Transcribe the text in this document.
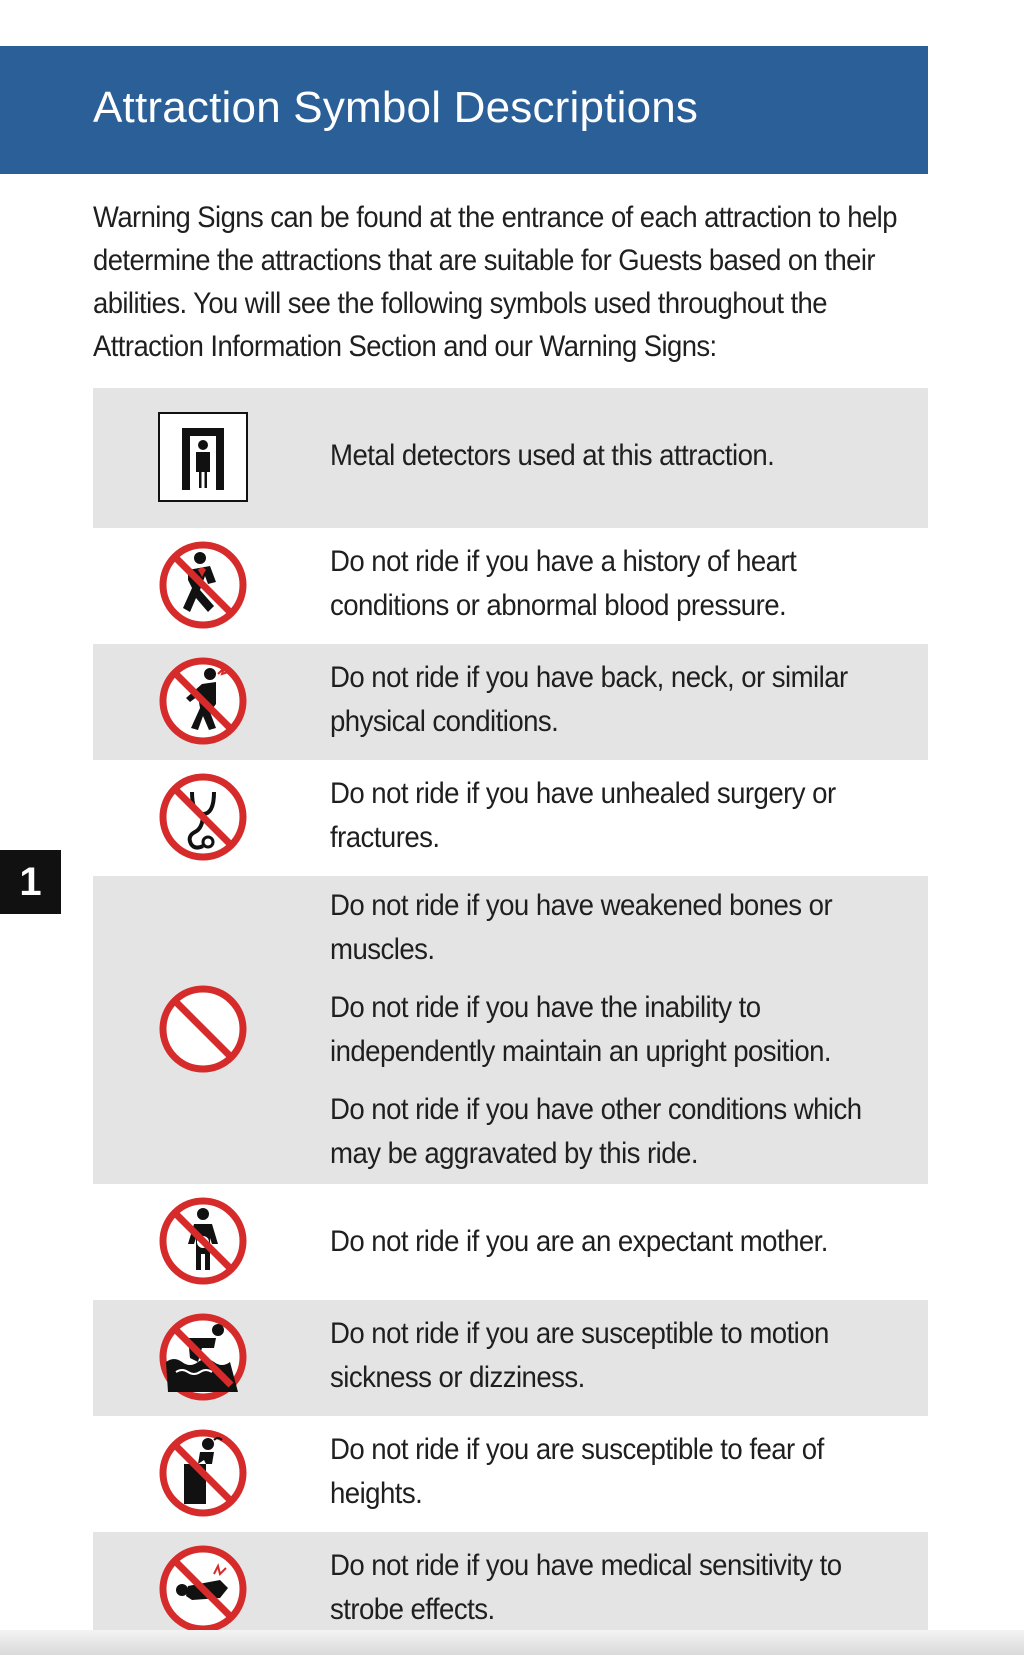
Attraction Symbol Descriptions
Warning Signs can be found at the entrance of each attraction to help determine the attractions that are suitable for Guests based on their abilities. You will see the following symbols used throughout the Attraction Information Section and our Warning Signs:
1

Metal detectors used at this attraction.

Do not ride if you have a history of heart conditions or abnormal blood pressure.

Do not ride if you have back, neck, or similar physical conditions.

Do not ride if you have unhealed surgery or fractures.

Do not ride if you have weakened bones or muscles.

Do not ride if you have the inability to independently maintain an upright position.

Do not ride if you have other conditions which may be aggravated by this ride.

Do not ride if you are an expectant mother.

Do not ride if you are susceptible to motion sickness or dizziness.

Do not ride if you are susceptible to fear of heights.

Do not ride if you have medical sensitivity to strobe effects.
